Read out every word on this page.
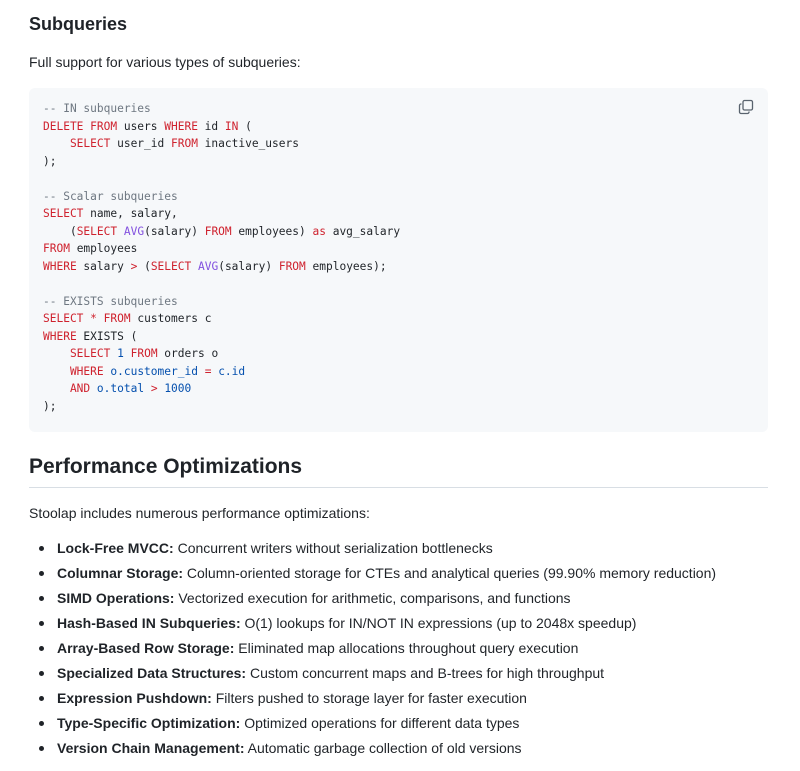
Subqueries

Full support for various types of subqueries:

-- IN subqueries
DELETE FROM users WHERE id IN (
SELECT user_id FROM inactive_users
);

-- Scalar subqueries
SELECT name, salary,
(SELECT AVG(salary) FROM employees) as avg_salary
FROM employees
WHERE salary > (SELECT AVG(salary) FROM employees);

-- EXISTS subqueries
SELECT * FROM customers c
WHERE EXISTS (
SELECT 1 FROM orders o
WHERE o.customer_id = c.id
AND o.total > 1000
);
Performance Optimizations

Stoolap includes numerous performance optimizations:

Lock-Free MVCC: Concurrent writers without serialization bottlenecks
Columnar Storage: Column-oriented storage for CTEs and analytical queries (99.90% memory reduction)
SIMD Operations: Vectorized execution for arithmetic, comparisons, and functions
Hash-Based IN Subqueries: O(1) lookups for IN/NOT IN expressions (up to 2048x speedup)
Array-Based Row Storage: Eliminated map allocations throughout query execution
Specialized Data Structures: Custom concurrent maps and B-trees for high throughput
Expression Pushdown: Filters pushed to storage layer for faster execution
Type-Specific Optimization: Optimized operations for different data types
Version Chain Management: Automatic garbage collection of old versions
